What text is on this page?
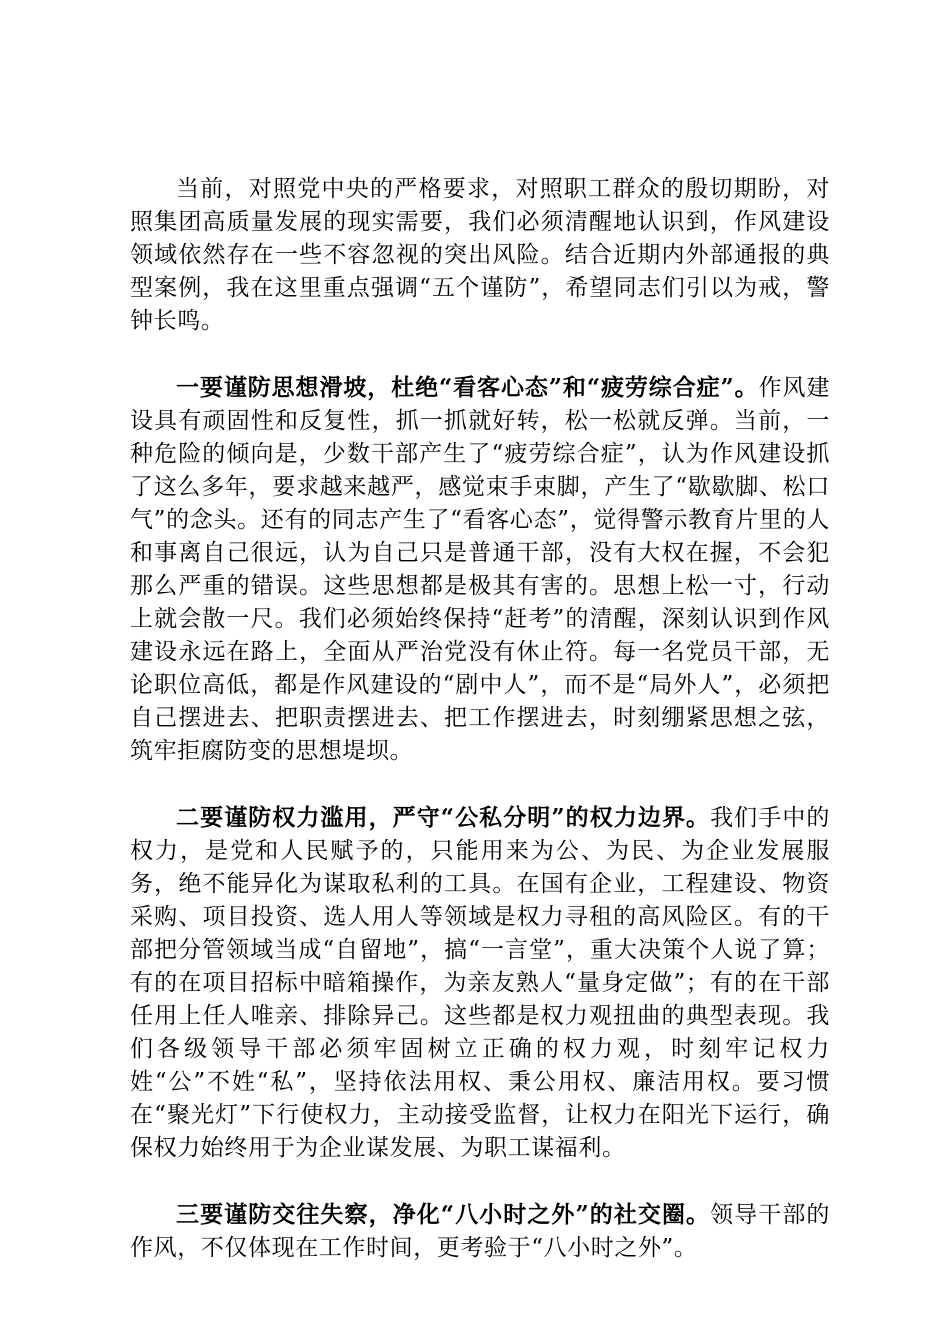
当前，对照党中央的严格要求，对照职工群众的殷切期盼，对照集团高质量发展的现实需要，我们必须清醒地认识到，作风建设领域依然存在一些不容忽视的突出风险。结合近期内外部通报的典型案例，我在这里重点强调“五个谨防”，希望同志们引以为戒，警钟长鸣。

一要谨防思想滑坡，杜绝“看客心态”和“疲劳综合症”。作风建设具有顽固性和反复性，抓一抓就好转，松一松就反弹。当前，一种危险的倾向是，少数干部产生了“疲劳综合症”，认为作风建设抓了这么多年，要求越来越严，感觉束手束脚，产生了“歇歇脚、松口气”的念头。还有的同志产生了“看客心态”，觉得警示教育片里的人和事离自己很远，认为自己只是普通干部，没有大权在握，不会犯那么严重的错误。这些思想都是极其有害的。思想上松一寸，行动上就会散一尺。我们必须始终保持“赶考”的清醒，深刻认识到作风建设永远在路上，全面从严治党没有休止符。每一名党员干部，无论职位高低，都是作风建设的“剧中人”，而不是“局外人”，必须把自己摆进去、把职责摆进去、把工作摆进去，时刻绷紧思想之弦，筑牢拒腐防变的思想堤坝。

二要谨防权力滥用，严守“公私分明”的权力边界。我们手中的权力，是党和人民赋予的，只能用来为公、为民、为企业发展服务，绝不能异化为谋取私利的工具。在国有企业，工程建设、物资采购、项目投资、选人用人等领域是权力寻租的高风险区。有的干部把分管领域当成“自留地”，搞“一言堂”，重大决策个人说了算；有的在项目招标中暗箱操作，为亲友熟人“量身定做”；有的在干部任用上任人唯亲、排除异己。这些都是权力观扭曲的典型表现。我们各级领导干部必须牢固树立正确的权力观，时刻牢记权力姓“公”不姓“私”，坚持依法用权、秉公用权、廉洁用权。要习惯在“聚光灯”下行使权力，主动接受监督，让权力在阳光下运行，确保权力始终用于为企业谋发展、为职工谋福利。

三要谨防交往失察，净化“八小时之外”的社交圈。领导干部的作风，不仅体现在工作时间，更考验于“八小时之外”。
